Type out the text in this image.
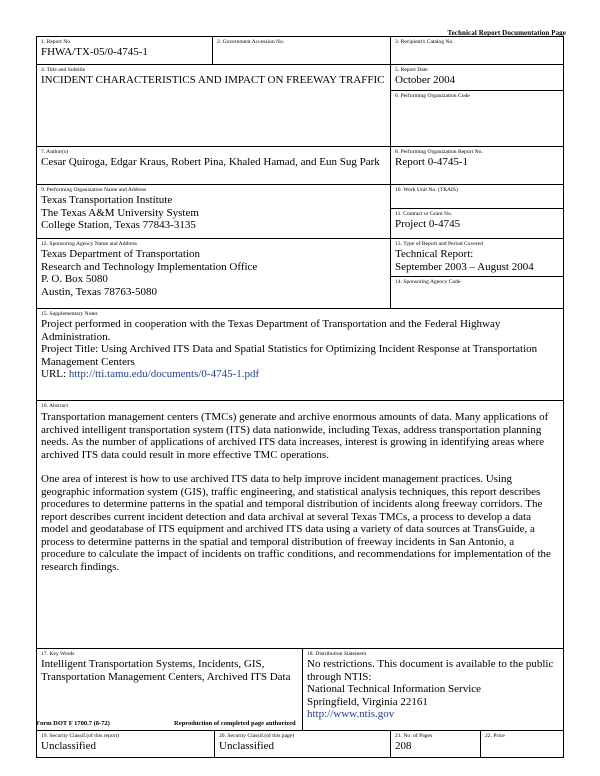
Technical Report Documentation Page
1. Report No.
FHWA/TX-05/0-4745-1
2. Government Accession No.	3. Recipient's Catalog No.
4. Title and Subtitle
INCIDENT CHARACTERISTICS AND IMPACT ON FREEWAY TRAFFIC
5. Report Date
October 2004
6. Performing Organization Code
7. Author(s)
Cesar Quiroga, Edgar Kraus, Robert Pina, Khaled Hamad, and Eun Sug Park
8. Performing Organization Report No.
Report 0-4745-1
9. Performing Organization Name and Address
Texas Transportation Institute
The Texas A&M University System
College Station, Texas 77843-3135
10. Work Unit No. (TRAIS)
11. Contract or Grant No.
Project 0-4745
12. Sponsoring Agency Name and Address
Texas Department of Transportation
Research and Technology Implementation Office
P. O. Box 5080
Austin, Texas 78763-5080
13. Type of Report and Period Covered
Technical Report:
September 2003 – August 2004
14. Sponsoring Agency Code
15. Supplementary Notes
Project performed in cooperation with the Texas Department of Transportation and the Federal Highway Administration.
Project Title: Using Archived ITS Data and Spatial Statistics for Optimizing Incident Response at Transportation Management Centers
URL: http://tti.tamu.edu/documents/0-4745-1.pdf
16. Abstract

Transportation management centers (TMCs) generate and archive enormous amounts of data. Many applications of archived intelligent transportation system (ITS) data nationwide, including Texas, address transportation planning needs. As the number of applications of archived ITS data increases, interest is growing in identifying areas where archived ITS data could result in more effective TMC operations.

One area of interest is how to use archived ITS data to help improve incident management practices. Using geographic information system (GIS), traffic engineering, and statistical analysis techniques, this report describes procedures to determine patterns in the spatial and temporal distribution of incidents along freeway corridors. The report describes current incident detection and data archival at several Texas TMCs, a process to develop a data model and geodatabase of ITS equipment and archived ITS data using a variety of data sources at TransGuide, a process to determine patterns in the spatial and temporal distribution of freeway incidents in San Antonio, a procedure to calculate the impact of incidents on traffic conditions, and recommendations for implementation of the research findings.

17. Key Words
Intelligent Transportation Systems, Incidents, GIS, Transportation Management Centers, Archived ITS Data
18. Distribution Statement
No restrictions. This document is available to the public through NTIS:
National Technical Information Service
Springfield, Virginia 22161
http://www.ntis.gov
19. Security Classif.(of this report)
Unclassified
20. Security Classif.(of this page)
Unclassified
21. No. of Pages
208
22. Price
Form DOT F 1700.7 (8-72)	Reproduction of completed page authorized
